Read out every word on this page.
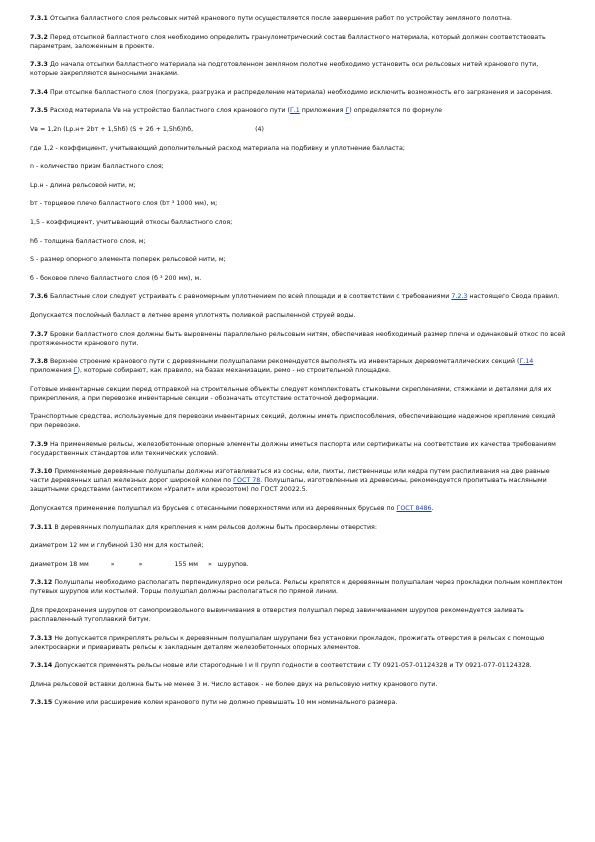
7.3.1 Отсыпка балластного слоя рельсовых нитей кранового пути осуществляется после завершения работ по устройству земляного полотна.

7.3.2 Перед отсыпкой балластного слоя необходимо определить гранулометрический состав балластного материала, который должен соответствовать параметрам, заложенным в проекте.

7.3.3 До начала отсыпки балластного материала на подготовленном земляном полотне необходимо установить оси рельсовых нитей кранового пути, которые закрепляются выносными знаками.

7.3.4 При отсыпке балластного слоя (погрузка, разгрузка и распределение материала) необходимо исключить возможность его загрязнения и засорения.

7.3.5 Расход материала Vв на устройство балластного слоя кранового пути (Г.1 приложения Г) определяется по формуле

Vв = 1,2n (Lр.н+ 2bт + 1,5hб) (S + 2б + 1,5hб)hб,	(4)

где 1,2 - коэффициент, учитывающий дополнительный расход материала на подбивку и уплотнение балласта;

n - количество призм балластного слоя;

Lр.н - длина рельсовой нити, м;

bт - торцевое плечо балластного слоя (bт ³ 1000 мм), м;

1,5 - коэффициент, учитывающий откосы балластного слоя;

hб - толщина балластного слоя, м;

S - размер опорного элемента поперек рельсовой нити, м;

б - боковое плечо балластного слоя (б ³ 200 мм), м.

7.3.6 Балластные слои следует устраивать с равномерным уплотнением по всей площади и в соответствии с требованиями 7.2.3 настоящего Свода правил.

Допускается послойный балласт в летнее время уплотнять поливкой распыленной струей воды.

7.3.7 Бровки балластного слоя должны быть выровнены параллельно рельсовым нитям, обеспечивая необходимый размер плеча и одинаковый откос по всей протяженности кранового пути.

7.3.8 Верхнее строение кранового пути с деревянными полушпалами рекомендуется выполнять из инвентарных деревометаллических секций (Г.14 приложения Г), которые собирают, как правило, на базах механизации, ремо - но строительной площадке.

Готовые инвентарные секции перед отправкой на строительные объекты следует комплектовать стыковыми скреплениями, стяжками и деталями для их прикрепления, а при перевозке инвентарные секции - обозначать отсутствие остаточной деформации.

Транспортные средства, используемые для перевозки инвентарных секций, должны иметь приспособления, обеспечивающие надежное крепление секций при перевозке.

7.3.9 На применяемые рельсы, железобетонные опорные элементы должны иметься паспорта или сертификаты на соответствие их качества требованиям государственных стандартов или технических условий.

7.3.10 Применяемые деревянные полушпалы должны изготавливаться из сосны, ели, пихты, лиственницы или кедра путем распиливания на две равные части деревянных шпал железных дорог широкой колеи по ГОСТ 78. Полушпалы, изготовленные из древесины, рекомендуется пропитывать масляными защитными средствами (антисептиком «Уралит» или креозотом) по ГОСТ 20022.5.

Допускается применение полушпал из брусьев с отесанными поверхностями или из деревянных брусьев по ГОСТ 8486.

7.3.11 В деревянных полушпалах для крепления к ним рельсов должны быть просверлены отверстия:

диаметром 12 мм и глубиной 130 мм для костылей;

диаметром 18 мм	»	»	155 мм » шурупов.

7.3.12 Полушпалы необходимо располагать перпендикулярно оси рельса. Рельсы крепятся к деревянным полушпалам через прокладки полным комплектом путевых шурупов или костылей. Торцы полушпал должны располагаться по прямой линии.

Для предохранения шурупов от самопроизвольного вывинчивания в отверстия полушпал перед завинчиванием шурупов рекомендуется заливать расплавленный тугоплавкий битум.

7.3.13 Не допускается прикреплять рельсы к деревянным полушпалам шурупами без установки прокладок, прожигать отверстия в рельсах с помощью электросварки и приваривать рельсы к закладным деталям железобетонных опорных элементов.

7.3.14 Допускается применять рельсы новые или старогодные I и II групп годности в соответствии с ТУ 0921-057-01124328 и ТУ 0921-077-01124328.

Длина рельсовой вставки должна быть не менее 3 м. Число вставок - не более двух на рельсовую нитку кранового пути.

7.3.15 Сужение или расширение колеи кранового пути не должно превышать 10 мм номинального размера.
